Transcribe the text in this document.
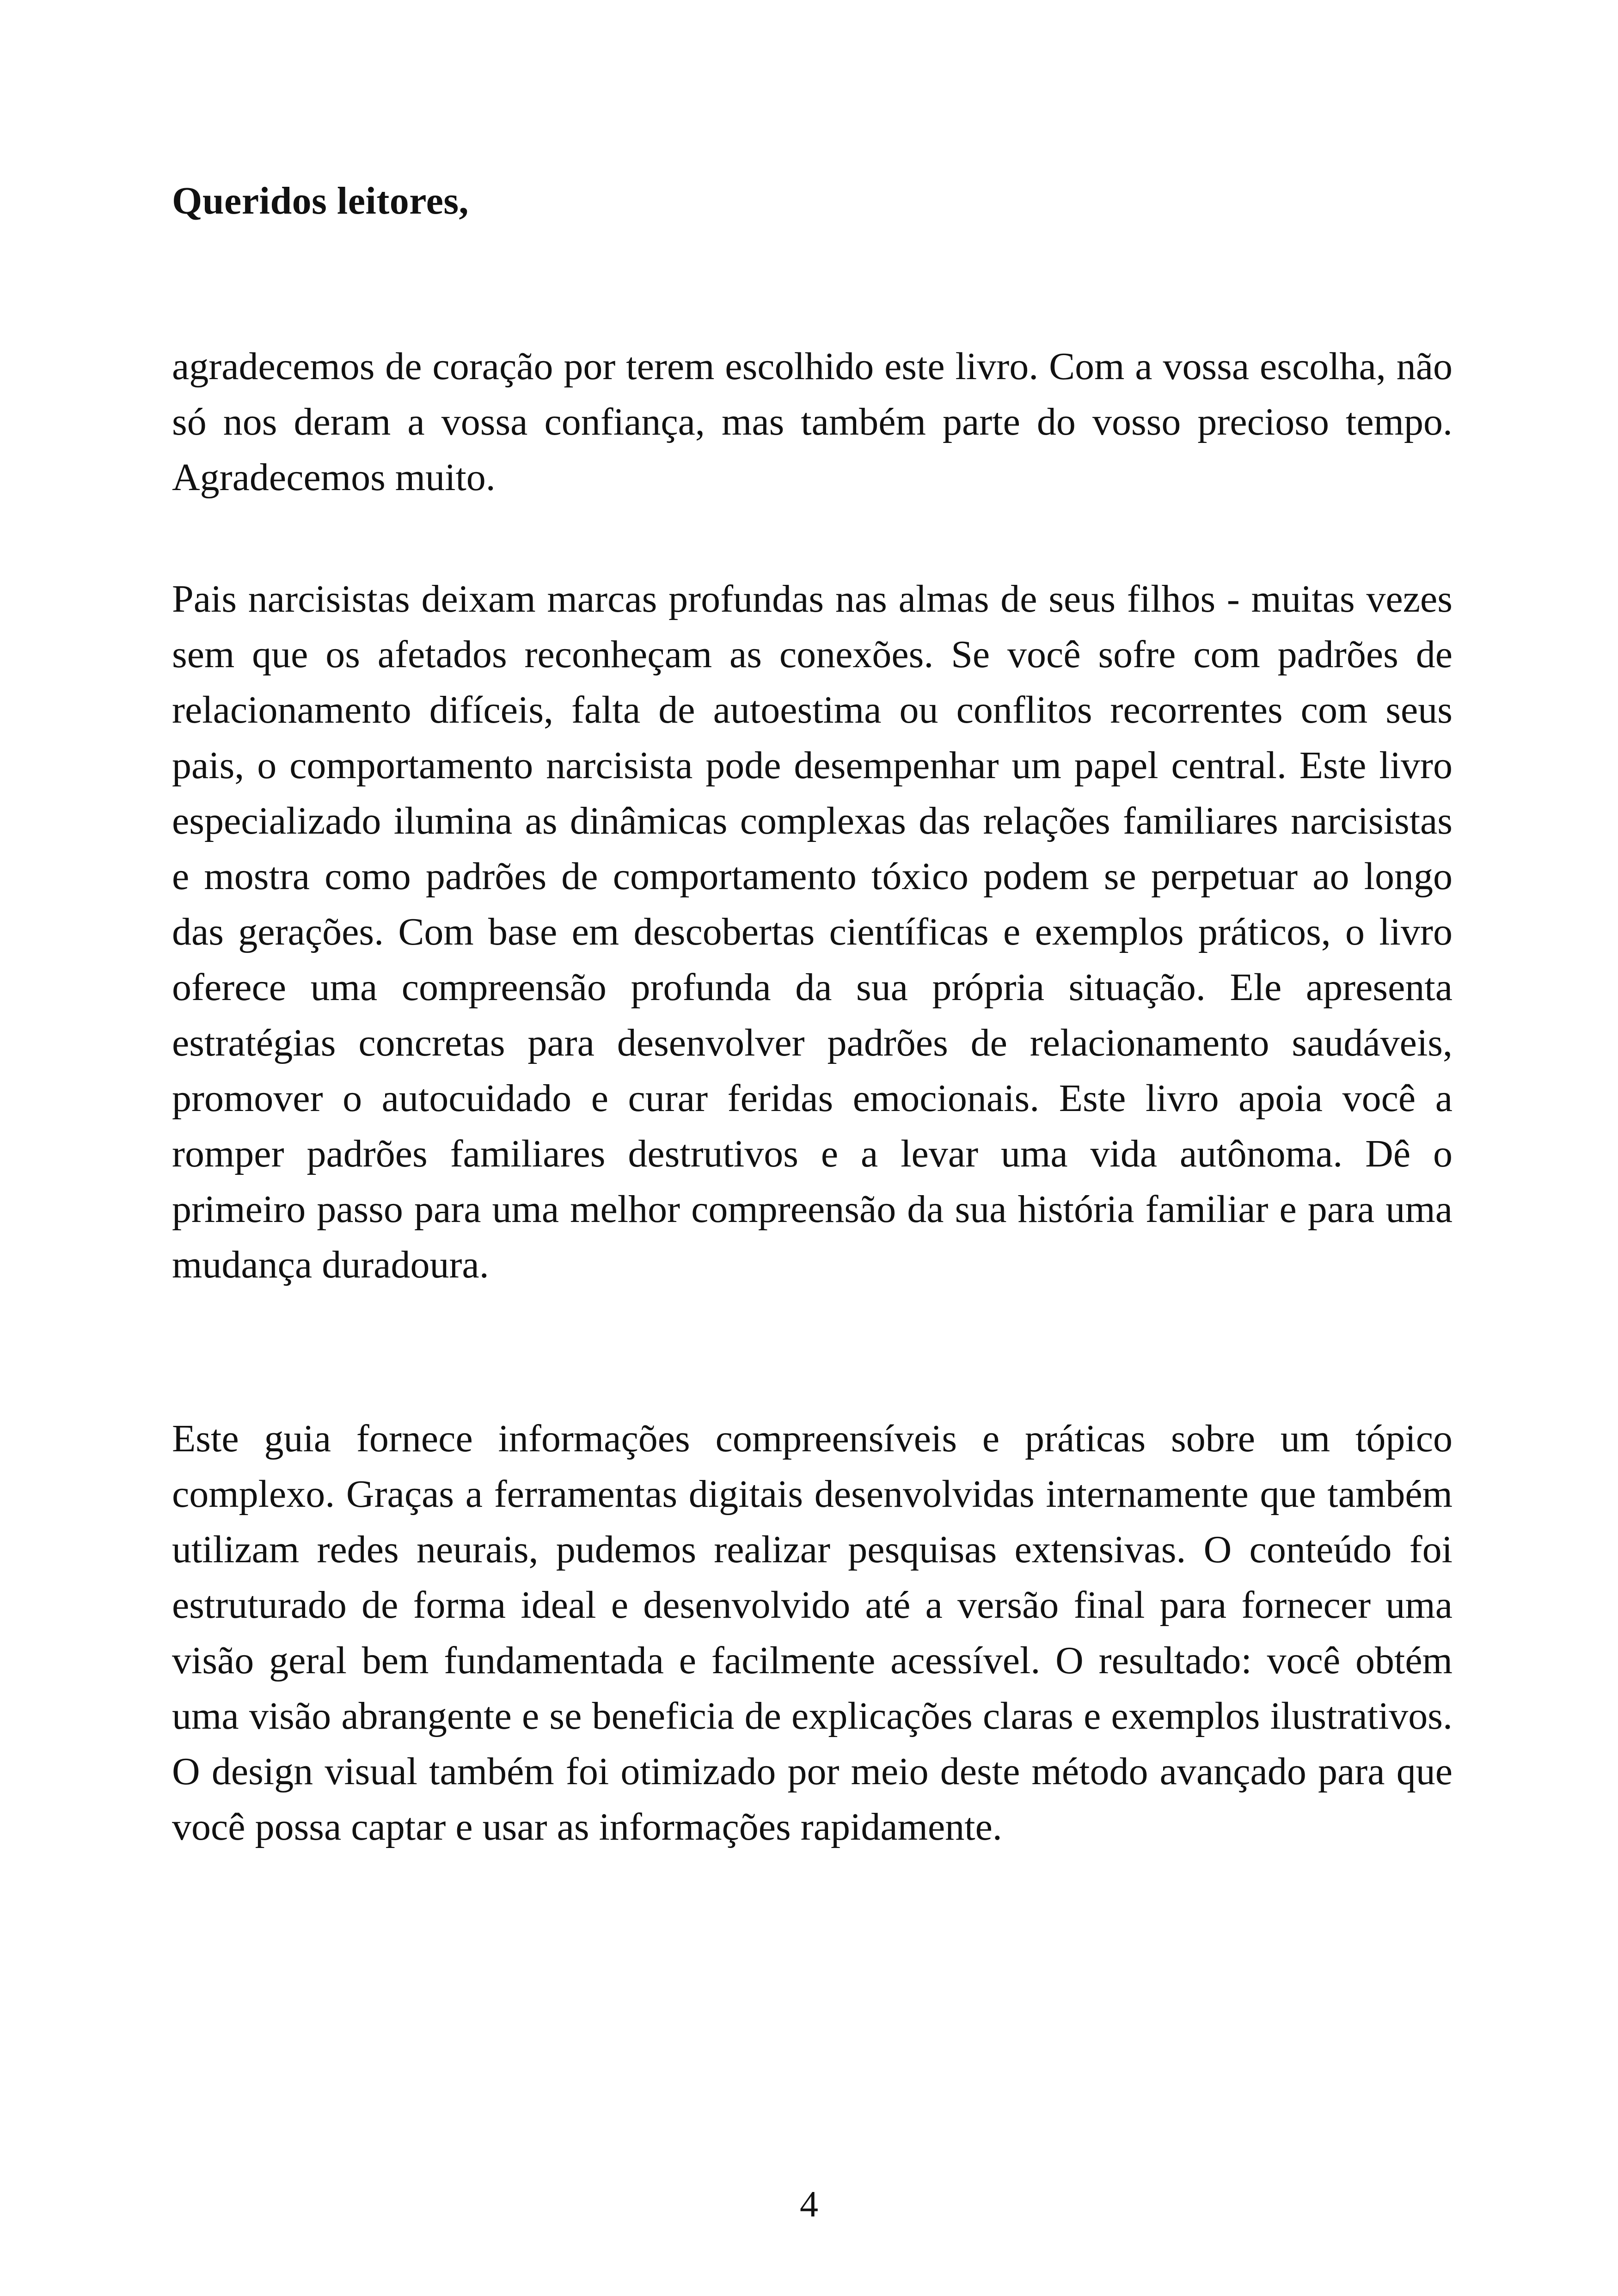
Queridos leitores,

agradecemos de coração por terem escolhido este livro. Com a vossa escolha, não só nos deram a vossa confiança, mas também parte do vosso precioso tempo. Agradecemos muito.

Pais narcisistas deixam marcas profundas nas almas de seus filhos - muitas vezes sem que os afetados reconheçam as conexões. Se você sofre com padrões de relacionamento difíceis, falta de autoestima ou conflitos recorrentes com seus pais, o comportamento narcisista pode desempenhar um papel central. Este livro especializado ilumina as dinâmicas complexas das relações familiares narcisistas e mostra como padrões de comportamento tóxico podem se perpetuar ao longo das gerações. Com base em descobertas científicas e exemplos práticos, o livro oferece uma compreensão profunda da sua própria situação. Ele apresenta estratégias concretas para desenvolver padrões de relacionamento saudáveis, promover o autocuidado e curar feridas emocionais. Este livro apoia você a romper padrões familiares destrutivos e a levar uma vida autônoma. Dê o primeiro passo para uma melhor compreensão da sua história familiar e para uma mudança duradoura.

Este guia fornece informações compreensíveis e práticas sobre um tópico complexo. Graças a ferramentas digitais desenvolvidas internamente que também utilizam redes neurais, pudemos realizar pesquisas extensivas. O conteúdo foi estruturado de forma ideal e desenvolvido até a versão final para fornecer uma visão geral bem fundamentada e facilmente acessível. O resultado: você obtém uma visão abrangente e se beneficia de explicações claras e exemplos ilustrativos. O design visual também foi otimizado por meio deste método avançado para que você possa captar e usar as informações rapidamente.

4
